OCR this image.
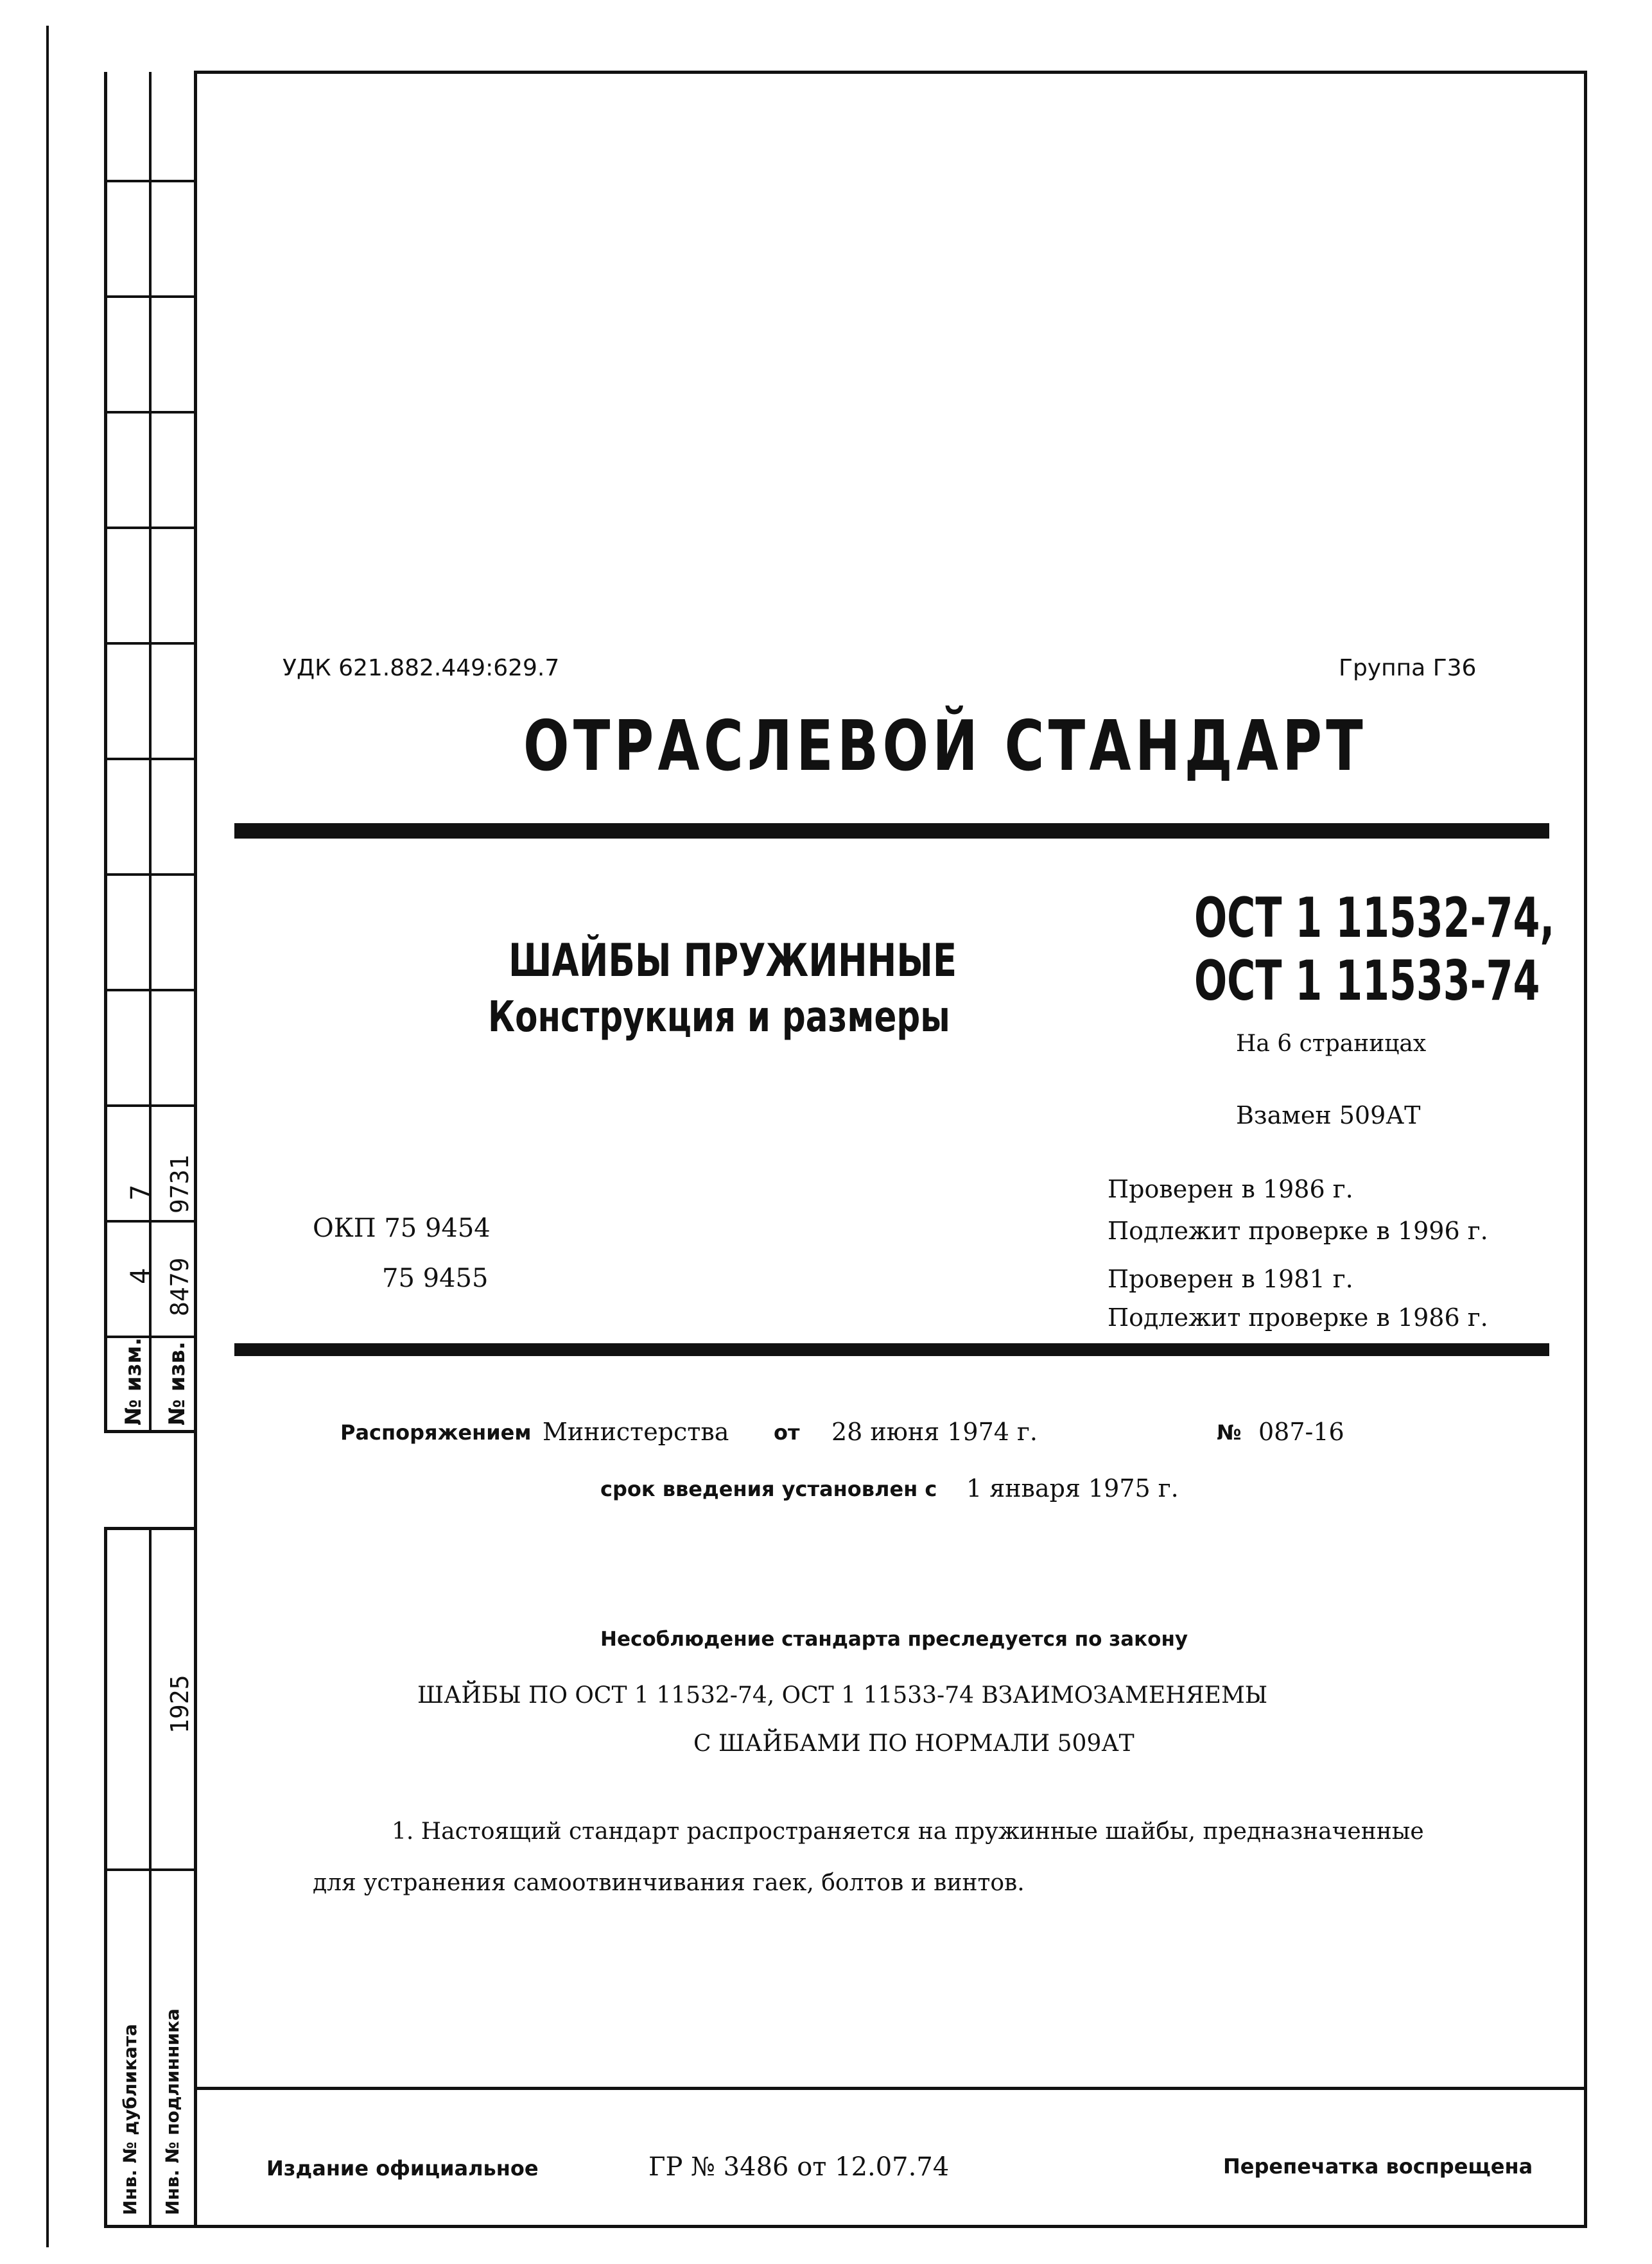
7 9731
4 8479
№ изм. № изв.
1925
Инв. № дубликата Инв. № подлинника
УДК 621.882.449:629.7	Группа Г36
ОТРАСЛЕВОЙ СТАНДАРТ
ШАЙБЫ ПРУЖИННЫЕ
Конструкция и размеры
ОСТ 1 11532-74,
ОСТ 1 11533-74
На 6 страницах
Взамен 509АТ
Проверен в 1986 г.
Подлежит проверке в 1996 г.
Проверен в 1981 г.
Подлежит проверке в 1986 г.
ОКП 75 9454
75 9455
Распоряжением Министерства от 28 июня 1974 г.	№ 087-16
срок введения установлен с 1 января 1975 г.
Несоблюдение стандарта преследуется по закону
ШАЙБЫ ПО ОСТ 1 11532-74, ОСТ 1 11533-74 ВЗАИМОЗАМЕНЯЕМЫ
С ШАЙБАМИ ПО НОРМАЛИ 509АТ
1. Настоящий стандарт распространяется на пружинные шайбы, предназначенные
для устранения самоотвинчивания гаек, болтов и винтов.
Издание официальное	ГР № 3486 от 12.07.74	Перепечатка воспрещена
